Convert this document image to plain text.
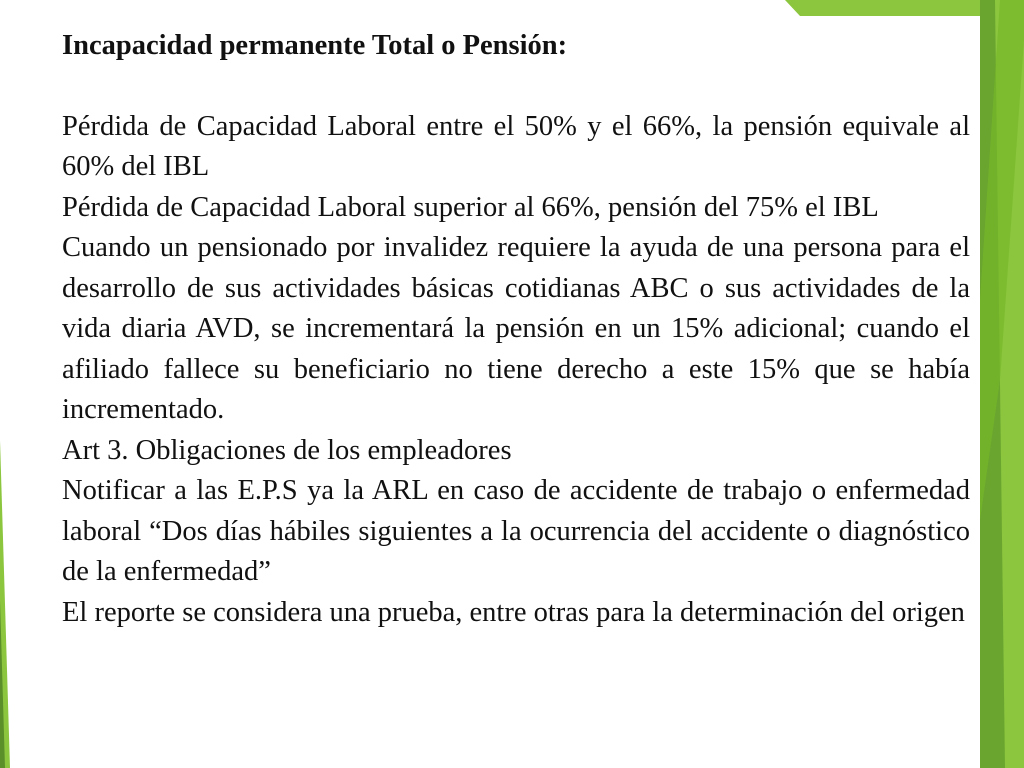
Incapacidad permanente Total o Pensión:

Pérdida de Capacidad Laboral entre el 50% y el 66%, la pensión equivale al 60% del IBL

Pérdida de Capacidad Laboral superior al 66%, pensión del 75% el IBL

Cuando un pensionado por invalidez requiere la ayuda de una persona para el desarrollo de sus actividades básicas cotidianas ABC o sus actividades de la vida diaria AVD, se incrementará la pensión en un 15% adicional; cuando el afiliado fallece su beneficiario no tiene derecho a este 15% que se había incrementado.

Art 3. Obligaciones de los empleadores

Notificar a las E.P.S ya la ARL en caso de accidente de trabajo o enfermedad laboral “Dos días hábiles siguientes a la ocurrencia del accidente o diagnóstico de la enfermedad”

El reporte se considera una prueba, entre otras para la determinación del origen
